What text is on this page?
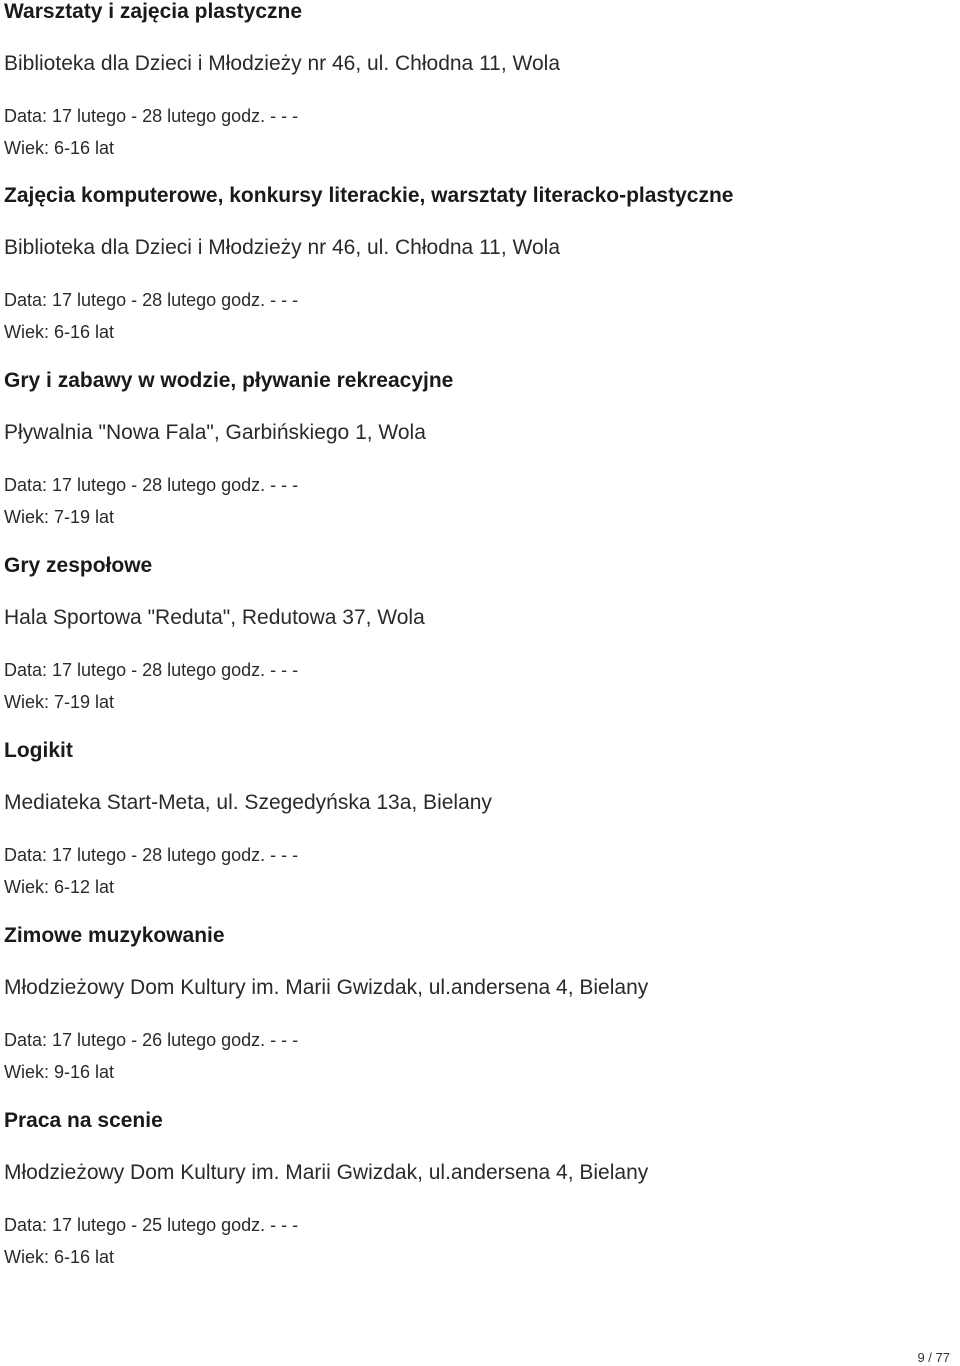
Warsztaty i zajęcia plastyczne
Biblioteka dla Dzieci i Młodzieży nr 46, ul. Chłodna 11, Wola
Data: 17 lutego - 28 lutego godz. - - -
Wiek: 6-16 lat
Zajęcia komputerowe, konkursy literackie, warsztaty literacko-plastyczne
Biblioteka dla Dzieci i Młodzieży nr 46, ul. Chłodna 11, Wola
Data: 17 lutego - 28 lutego godz. - - -
Wiek: 6-16 lat
Gry i zabawy w wodzie, pływanie rekreacyjne
Pływalnia "Nowa Fala", Garbińskiego 1, Wola
Data: 17 lutego - 28 lutego godz. - - -
Wiek: 7-19 lat
Gry zespołowe
Hala Sportowa "Reduta", Redutowa 37, Wola
Data: 17 lutego - 28 lutego godz. - - -
Wiek: 7-19 lat
Logikit
Mediateka Start-Meta, ul. Szegedyńska 13a, Bielany
Data: 17 lutego - 28 lutego godz. - - -
Wiek: 6-12 lat
Zimowe muzykowanie
Młodzieżowy Dom Kultury im. Marii Gwizdak, ul.andersena 4, Bielany
Data: 17 lutego - 26 lutego godz. - - -
Wiek: 9-16 lat
Praca na scenie
Młodzieżowy Dom Kultury im. Marii Gwizdak, ul.andersena 4, Bielany
Data: 17 lutego - 25 lutego godz. - - -
Wiek: 6-16 lat
9 / 77
